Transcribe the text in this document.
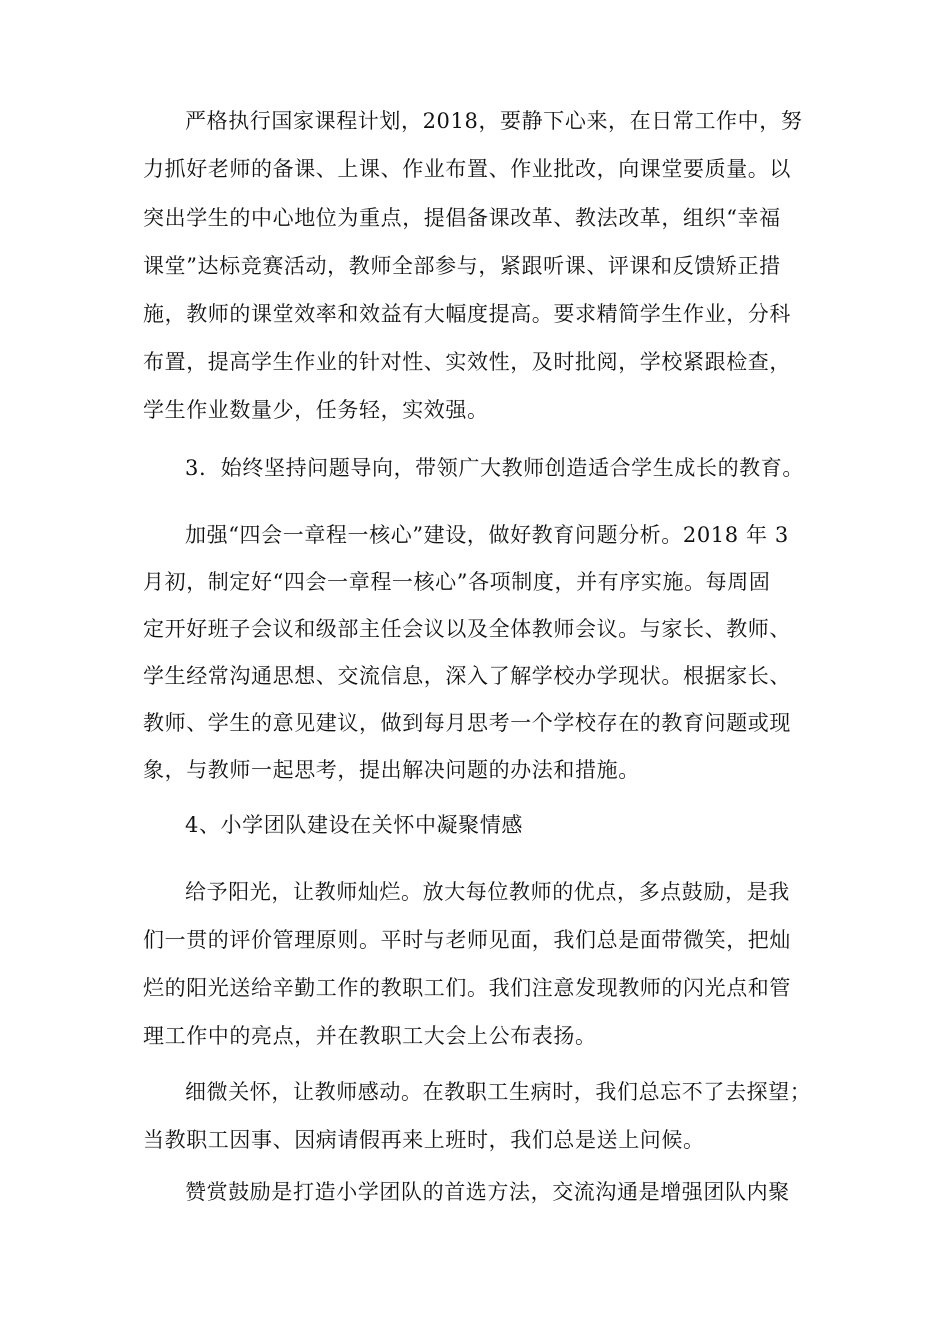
严格执行国家课程计划，2018，要静下心来，在日常工作中，努
力抓好老师的备课、上课、作业布置、作业批改，向课堂要质量。以
突出学生的中心地位为重点，提倡备课改革、教法改革，组织“幸福
课堂”达标竞赛活动，教师全部参与，紧跟听课、评课和反馈矫正措
施，教师的课堂效率和效益有大幅度提高。要求精简学生作业，分科
布置，提高学生作业的针对性、实效性，及时批阅，学校紧跟检查，
学生作业数量少，任务轻，实效强。
3.  始终坚持问题导向，带领广大教师创造适合学生成长的教育。
加强“四会一章程一核心”建设，做好教育问题分析。2018 年 3
月初，制定好“四会一章程一核心”各项制度，并有序实施。每周固
定开好班子会议和级部主任会议以及全体教师会议。与家长、教师、
学生经常沟通思想、交流信息，深入了解学校办学现状。根据家长、
教师、学生的意见建议，做到每月思考一个学校存在的教育问题或现
象，与教师一起思考，提出解决问题的办法和措施。
4、小学团队建设在关怀中凝聚情感
给予阳光，让教师灿烂。放大每位教师的优点，多点鼓励，是我
们一贯的评价管理原则。平时与老师见面，我们总是面带微笑，把灿
烂的阳光送给辛勤工作的教职工们。我们注意发现教师的闪光点和管
理工作中的亮点，并在教职工大会上公布表扬。
细微关怀，让教师感动。在教职工生病时，我们总忘不了去探望；
当教职工因事、因病请假再来上班时，我们总是送上问候。
赞赏鼓励是打造小学团队的首选方法，交流沟通是增强团队内聚
